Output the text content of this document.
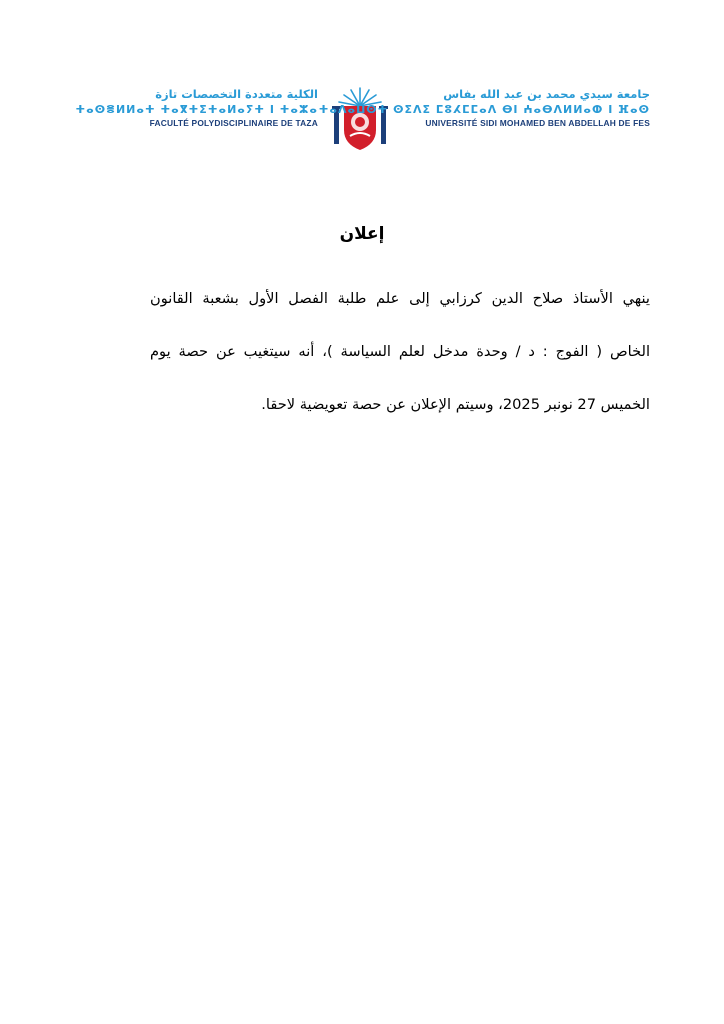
الكلية متعددة التخصصات تازة
ⵜⴰⵙⴻⵍⵍⴰⵜ ⵜⴰⴳⵜⵉⵜⴰⵍⴰⵢⵜ ⵏ ⵜⴰⵣⴰ
FACULTÉ POLYDISCIPLINAIRE DE TAZA
جامعة سيدي محمد بن عبد الله بفاس
ⵜⴰⴷⴰⵡⵙⵜ ⵙⵉⴷⵉ ⵎⵓⵃⵎⵎⴰⴷ ⴱⵏ ⵄⴰⴱⴷⵍⵍⴰⵀ ⵏ ⴼⴰⵙ
UNIVERSITÉ SIDI MOHAMED BEN ABDELLAH DE FES
إعلان
ينهي الأستاذ صلاح الدين كرزابي إلى علم طلبة الفصل الأول بشعبة القانون
الخاص ( الفوج : د / وحدة مدخل لعلم السياسة )، أنه سيتغيب عن حصة يوم
الخميس 27 نونبر 2025، وسيتم الإعلان عن حصة تعويضية لاحقا.
